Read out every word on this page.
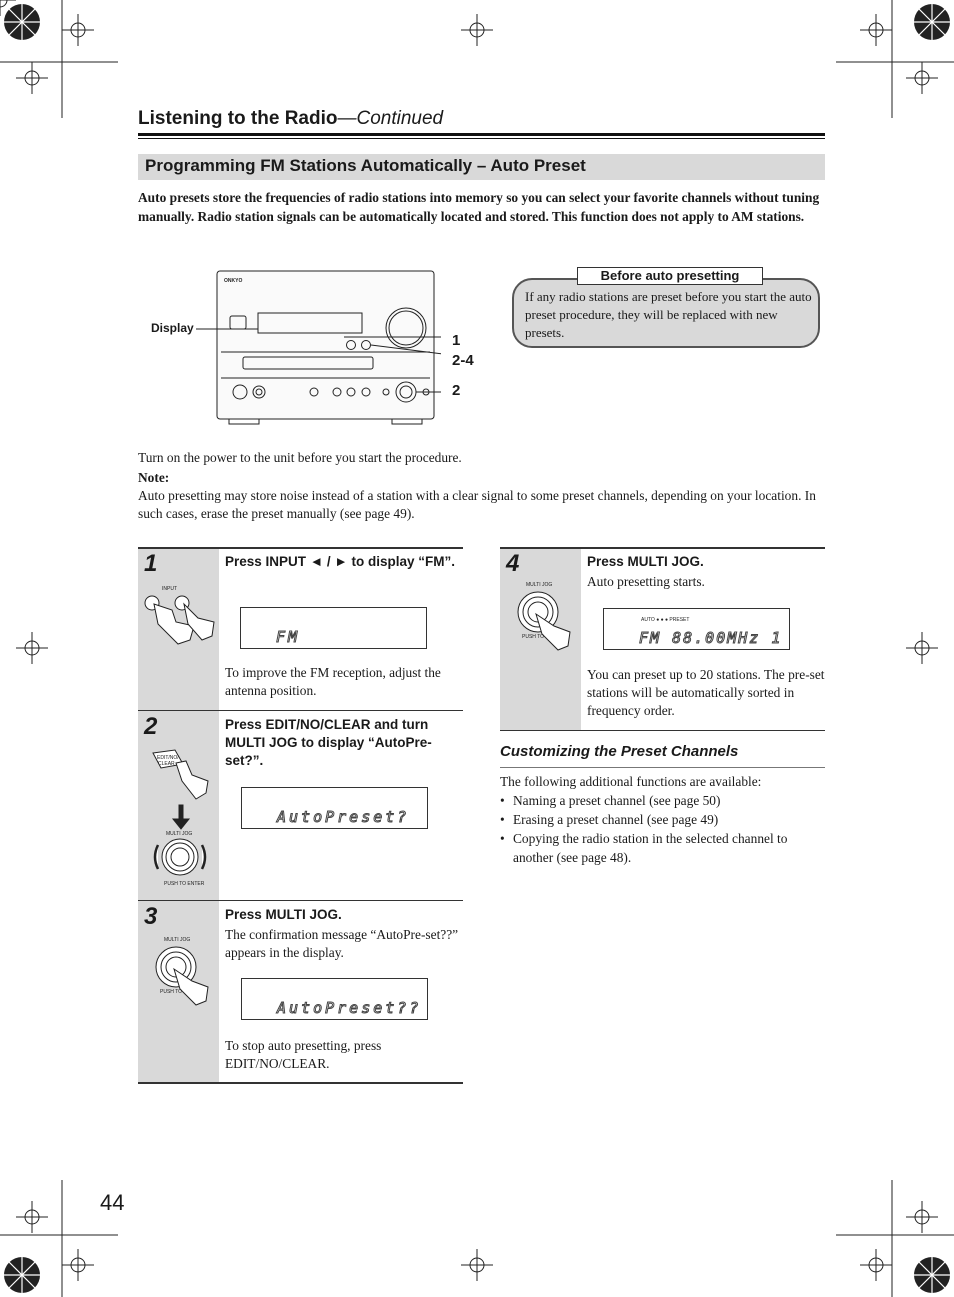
Listening to the Radio—Continued
Programming FM Stations Automatically – Auto Preset
Auto presets store the frequencies of radio stations into memory so you can select your favorite channels without tuning manually. Radio station signals can be automatically located and stored. This function does not apply to AM stations.
Display
ONKYO
1
2-4
2
If any radio stations are preset before you start the auto preset procedure, they will be replaced with new presets.
Before auto presetting
Turn on the power to the unit before you start the procedure.
Note:
Auto presetting may store noise instead of a station with a clear signal to some preset channels, depending on your location. In such cases, erase the preset manually (see page 49).
1
INPUT
Press INPUT ◄ / ► to display “FM”.
FM
To improve the FM reception, adjust the antenna position.
2
EDIT/NO/
CLEAR
MULTI JOG
PUSH TO ENTER
Press EDIT/NO/CLEAR and turn MULTI JOG to display “AutoPre-set?”.
AutoPreset?
3
MULTI JOG
PUSH TO
Press MULTI JOG.
The confirmation message “AutoPre-set??” appears in the display.
AutoPreset??
To stop auto presetting, press EDIT/NO/CLEAR.
4
MULTI JOG
PUSH TO
Press MULTI JOG.
Auto presetting starts.
AUTO ● ● ● PRESET
FM 88.00MHz 1
You can preset up to 20 stations. The pre-set stations will be automatically sorted in frequency order.
Customizing the Preset Channels
The following additional functions are available:
• Naming a preset channel (see page 50)
• Erasing a preset channel (see page 49)
• Copying the radio station in the selected channel to another (see page 48).
44
